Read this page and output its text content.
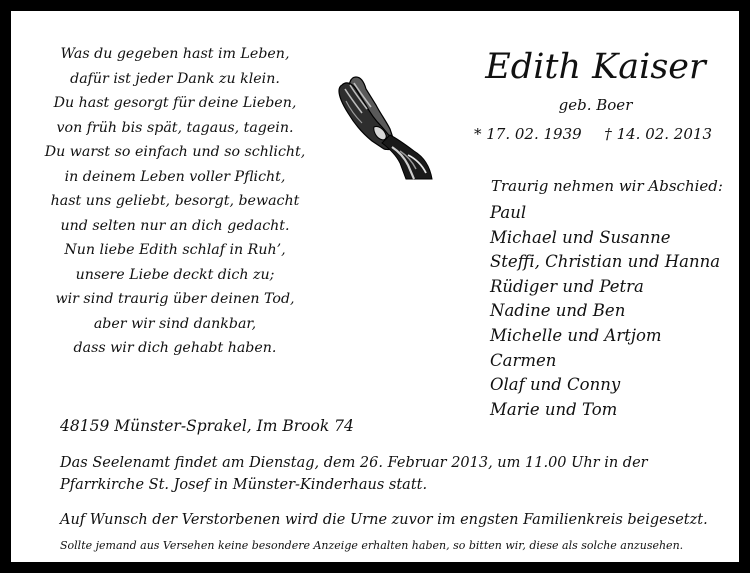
Was du gegeben hast im Leben,
dafür ist jeder Dank zu klein.
Du hast gesorgt für deine Lieben,
von früh bis spät, tagaus, tagein.
Du warst so einfach und so schlicht,
in deinem Leben voller Pflicht,
hast uns geliebt, besorgt, bewacht
und selten nur an dich gedacht.
Nun liebe Edith schlaf in Ruh’,
unsere Liebe deckt dich zu;
wir sind traurig über deinen Tod,
aber wir sind dankbar,
dass wir dich gehabt haben.
Edith Kaiser
geb. Boer
* 17. 02. 1939 † 14. 02. 2013
Traurig nehmen wir Abschied:
Paul
Michael und Susanne
Steffi, Christian und Hanna
Rüdiger und Petra
Nadine und Ben
Michelle und Artjom
Carmen
Olaf und Conny
Marie und Tom
48159 Münster-Sprakel, Im Brook 74
Das Seelenamt findet am Dienstag, dem 26. Februar 2013, um 11.00 Uhr in der Pfarrkirche St. Josef in Münster-Kinderhaus statt.
Auf Wunsch der Verstorbenen wird die Urne zuvor im engsten Familienkreis beigesetzt.
Sollte jemand aus Versehen keine besondere Anzeige erhalten haben, so bitten wir, diese als solche anzusehen.
